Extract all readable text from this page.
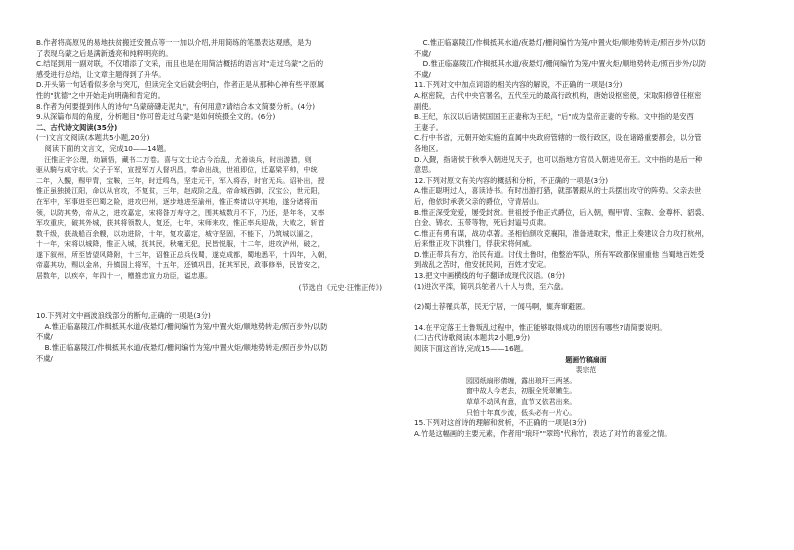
B.作者将高原见的易地扶贫搬迁安置点等一一加以介绍,并用简练的笔墨表达观感，是为

了表现乌蒙之后是满新透亮和纯粹明亮的。

C.结尾到用一副对联，不仅增添了文采，而且也是在用简洁概括的语言对"走过乌蒙"之后的

感受进行总结，让文章主题得到了升华。

D.开头第一句话看似多余与突兀，但读完全文后就会明白，作者正是从那种心神有些平原属

性的"犹德"之中开始走向明确和肯定的。

8.作者为何要提到伟人的诗句"乌蒙磅礴走泥丸"，有何用意?请结合本文简要分析。(4分)

9.从深篇布局的角度，分析题目"你可曾走过乌蒙"是如何统摄全文的。(6分)

二、古代诗文阅读(35分)

(一)文言文阅读(本题共5小题,20分)

阅读下面的文言文，完成10——14题。

汪惟正字公理，幼颖悟，藏书二万卷。喜与文士论古今治乱，尤善谈兵，时出游猎，则

驱从騎与成守状。父子于军，宣授军万人督巩昌，奉命出战，世祖即位，迁嘉梁平帅，中统

二年，入覲，赐甲胄，宝鞍，三年，时迁鸣鸟，坚走元干，军入将吞，时官无兵。诏补出，授

惟正虽独援江阳，命以从官攻，不复贫，三年，赵成阶之乱，帝命城西御，汉宝公，世元阳，

在军中，军事进至巴蜀之险，进攻巴州，逐步地进至渝州，惟正奏请以守其地，遂分诸将而

领，以防其势，帝从之，进攻嘉定，宋将昝万寿守之，围其城数月不下，乃还，是年冬，又率

军攻重庆，破其外城，获其将领数人，复还，七年，宋师来攻，惟正率兵迎战，大败之，斩首

数千级，获战船百余艘，以功进阶，十年，复攻嘉定，城守坚固，不能下，乃筑城以逼之，

十一年，宋将以城降，惟正入城，抚其民，秋毫无犯，民皆悦服，十二年，进攻泸州，破之，

遂下叙州，所至皆望风降附，十三年，诏惟正总兵伐蜀，遂克成都，蜀地悉平，十四年，入朝，

帝嘉其功，赐以金帛，升镇国上将军，十五年，还镇巩昌，抚其军民，政事修举，民皆安之，

居数年，以疾卒，年四十一，赠推忠宣力功臣，谥忠惠。

(节选自《元史·汪惟正传》)

10.下列对文中画波浪线部分的断句,正确的一项是(3分)

A.惟正临嘉陵江/作楫抵其水道/夜悬灯/栅间编竹为笼/中置火炬/顺地势转走/照百步外/以防

不虞/

B.惟正临嘉陵江/作楫抵其水道/夜悬灯/栅间编竹为笼/中置火炬/顺地势转走/照百步外/以防

不虞/

C.惟正临嘉陵江/作楫抵其水道/夜悬灯/栅间编竹为笼/中置火炬/顺地势转走/照百步外/以防

不虞/

D.惟正临嘉陵江/作楫抵其水道/夜悬灯/栅间编竹为笼/中置火炬/顺地势转走/照百步外/以防

不虞/

11.下列对文中加点词语的相关内容的解说，不正确的一项是(3分)

A.枢密院，古代中央官署名，五代至元的最高行政机构，唐始设枢密使，宋取阳修曾任枢密

副使。

B.王纪，东汉以后诸侯国国王正妻称为王纪，"后"成为皇帝正妻的专称。文中指的是安西

王妻子。

C.行中书省，元朝开始实施的直属中央政府管辖的一级行政区，设在诸路重要都会，以分管

各地区。

D.入觐，指诸侯于秋季入朝进见天子，也可以指地方官员入朝进见帝王。文中指的是后一种

意思。

12.下列对原文有关内容的概括和分析，不正确的一项是(3分)

A.惟正聪明过人，喜读诗书。有时出游打猎，就部署跟从的士兵摆出攻守的阵势。父亲去世

后，他依时承袭父亲的爵位，守青居山。

B.惟正深受宠爱，屡受封赏。世祖授予他正式爵位，后入朝，赐甲胄、宝鞍、金尊杯、貂裘、

白金、锦衣、玉带等物，死后封谥号贞肃。

C.惟正有勇有谋，战功卓著。圣相伯颜攻克襄阳，准备进取宋，惟正上奏建议合力攻打杭州，

后来惟正攻下洪雅门，俘获宋将何威。

D.惟正带兵有方，治民有道。讨伐土鲁时，他整治军队，所有军政都保留重他 当蜀地百姓受

到战乱之苦时，他安抚民间，百姓才安定。

13.把文中画横线的句子翻译成现代汉语。(8分)

(1)进次平滦，简巩兵鸵者八十人与贵，至六盘。

(2)蜀土荐罹兵革，民无宁居，一闻马啊，辄奔窜避匿。

14.在平定落王土鲁叛乱过程中，惟正能够取得成功的原因有哪些?请简要说明。

(二)古代诗歌阅读(本题共2小题,9分)

阅读下面这首诗,完成15——16题。

题画竹稿扇面

裴宗范

园园纸扇形倩缠，露出琅玕三两茎。

窗中故人今老去，初服全凭翠嫩生。

草草不动风有意，直节又依君出来。

只怕十年真少流，低头必有一片心。

15.下列对这首诗的理解和赏析，不正确的一项是(3分)

A.竹是这幅画的主要元素，作者用"琅玕""翠筠"代称竹，表达了对竹的喜爱之情。
